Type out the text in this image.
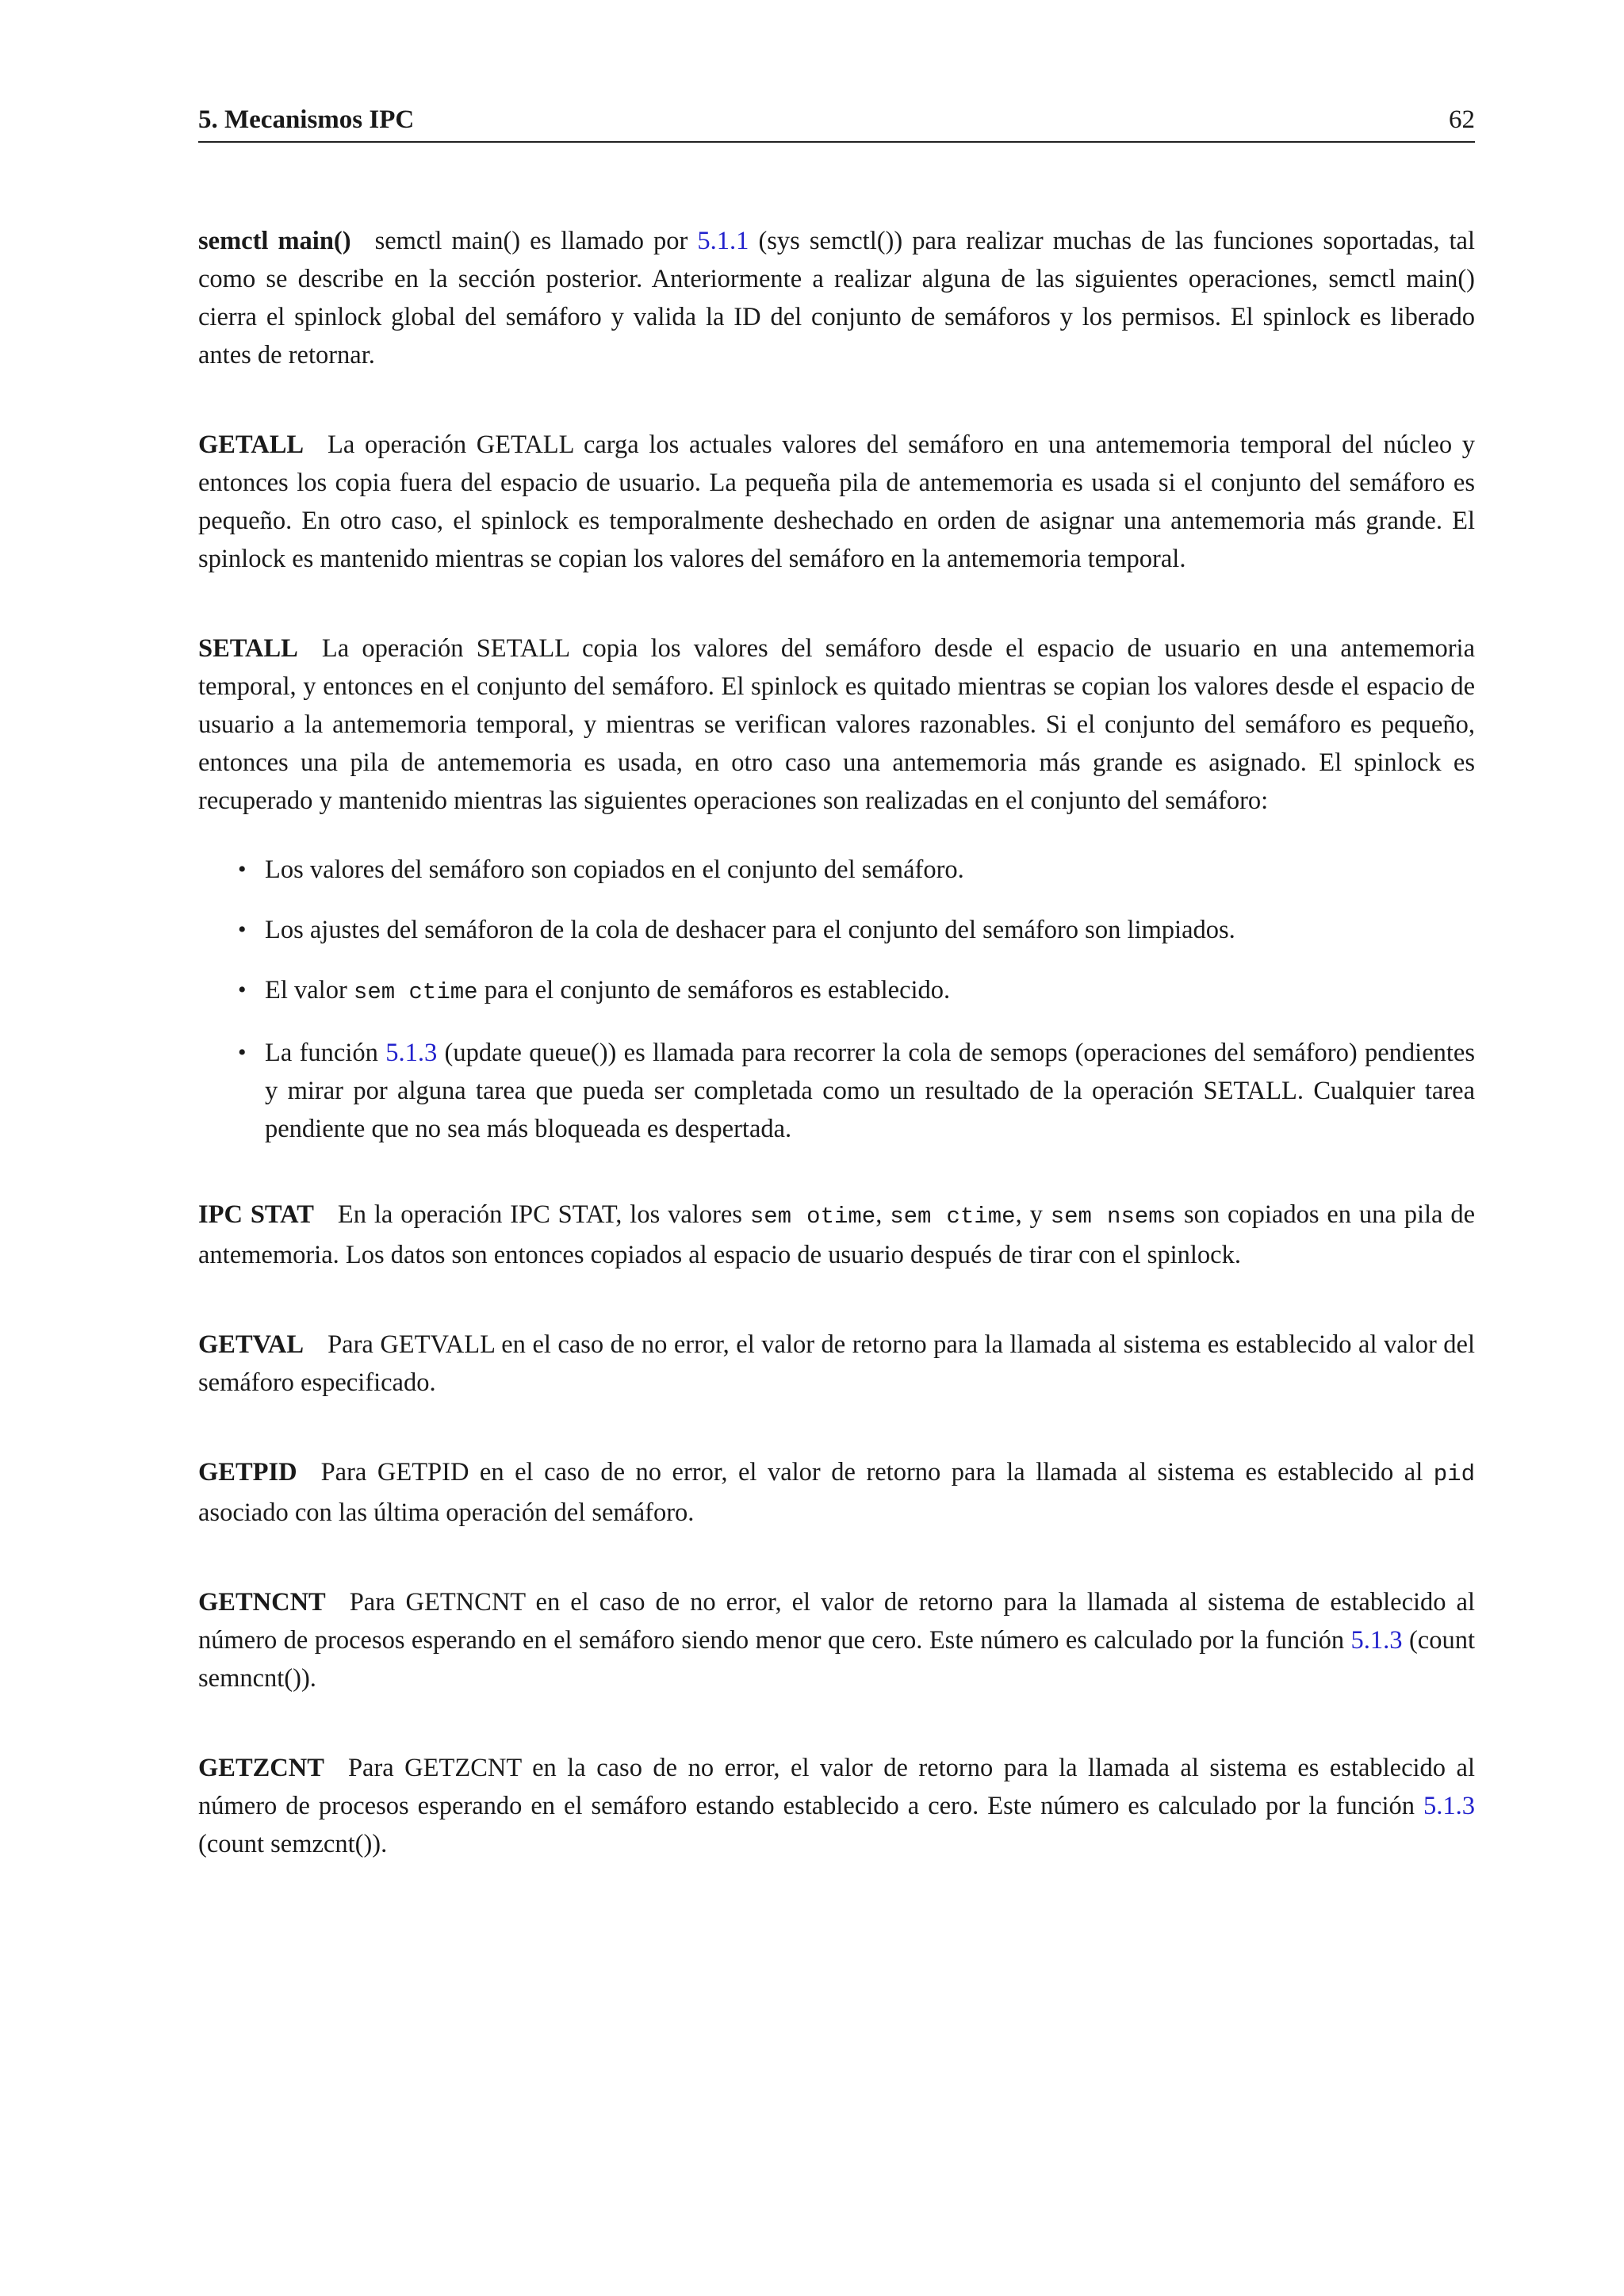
5. Mecanismos IPC	62

semctl main() semctl main() es llamado por 5.1.1 (sys semctl()) para realizar muchas de las funciones soportadas, tal como se describe en la sección posterior. Anteriormente a realizar alguna de las siguientes operaciones, semctl main() cierra el spinlock global del semáforo y valida la ID del conjunto de semáforos y los permisos. El spinlock es liberado antes de retornar.

GETALL La operación GETALL carga los actuales valores del semáforo en una antememoria temporal del núcleo y entonces los copia fuera del espacio de usuario. La pequeña pila de antememoria es usada si el conjunto del semáforo es pequeño. En otro caso, el spinlock es temporalmente deshechado en orden de asignar una antememoria más grande. El spinlock es mantenido mientras se copian los valores del semáforo en la antememoria temporal.

SETALL La operación SETALL copia los valores del semáforo desde el espacio de usuario en una antememoria temporal, y entonces en el conjunto del semáforo. El spinlock es quitado mientras se copian los valores desde el espacio de usuario a la antememoria temporal, y mientras se verifican valores razonables. Si el conjunto del semáforo es pequeño, entonces una pila de antememoria es usada, en otro caso una antememoria más grande es asignado. El spinlock es recuperado y mantenido mientras las siguientes operaciones son realizadas en el conjunto del semáforo:

• Los valores del semáforo son copiados en el conjunto del semáforo.
• Los ajustes del semáforon de la cola de deshacer para el conjunto del semáforo son limpiados.
• El valor sem ctime para el conjunto de semáforos es establecido.
• La función 5.1.3 (update queue()) es llamada para recorrer la cola de semops (operaciones del semáforo) pendientes y mirar por alguna tarea que pueda ser completada como un resultado de la operación SETALL. Cualquier tarea pendiente que no sea más bloqueada es despertada.

IPC STAT En la operación IPC STAT, los valores sem otime, sem ctime, y sem nsems son copiados en una pila de antememoria. Los datos son entonces copiados al espacio de usuario después de tirar con el spinlock.

GETVAL Para GETVALL en el caso de no error, el valor de retorno para la llamada al sistema es establecido al valor del semáforo especificado.

GETPID Para GETPID en el caso de no error, el valor de retorno para la llamada al sistema es establecido al pid asociado con las última operación del semáforo.

GETNCNT Para GETNCNT en el caso de no error, el valor de retorno para la llamada al sistema de establecido al número de procesos esperando en el semáforo siendo menor que cero. Este número es calculado por la función 5.1.3 (count semncnt()).

GETZCNT Para GETZCNT en la caso de no error, el valor de retorno para la llamada al sistema es establecido al número de procesos esperando en el semáforo estando establecido a cero. Este número es calculado por la función 5.1.3 (count semzcnt()).
